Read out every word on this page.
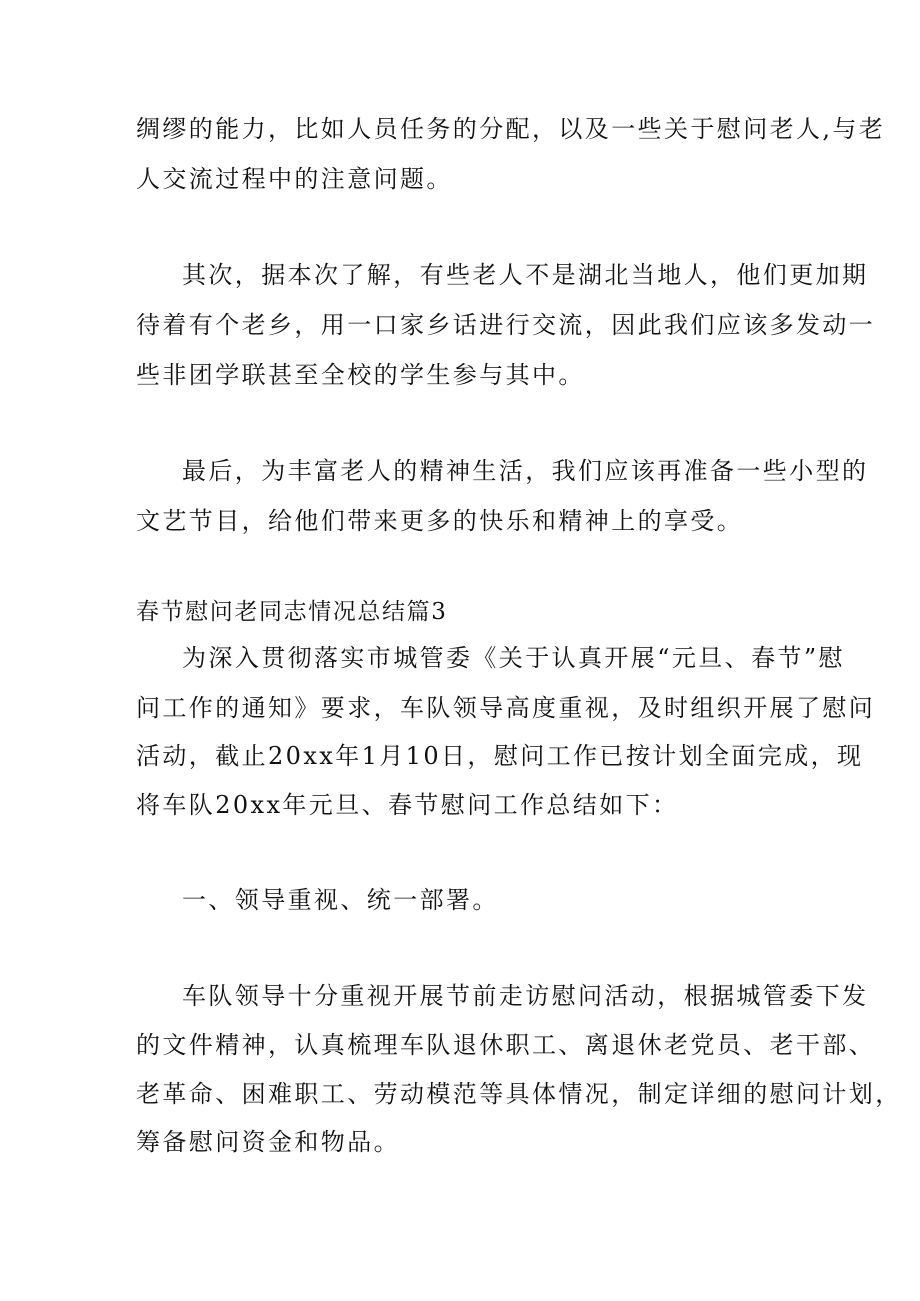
绸缪的能力，比如人员任务的分配，以及一些关于慰问老人,与老
人交流过程中的注意问题。
其次，据本次了解，有些老人不是湖北当地人，他们更加期
待着有个老乡，用一口家乡话进行交流，因此我们应该多发动一
些非团学联甚至全校的学生参与其中。
最后，为丰富老人的精神生活，我们应该再准备一些小型的
文艺节目，给他们带来更多的快乐和精神上的享受。
春节慰问老同志情况总结篇3
为深入贯彻落实市城管委《关于认真开展“元旦、春节”慰
问工作的通知》要求，车队领导高度重视，及时组织开展了慰问
活动，截止20xx年1月10日，慰问工作已按计划全面完成，现
将车队20xx年元旦、春节慰问工作总结如下：
一、领导重视、统一部署。
车队领导十分重视开展节前走访慰问活动，根据城管委下发
的文件精神，认真梳理车队退休职工、离退休老党员、老干部、
老革命、困难职工、劳动模范等具体情况，制定详细的慰问计划，
筹备慰问资金和物品。
